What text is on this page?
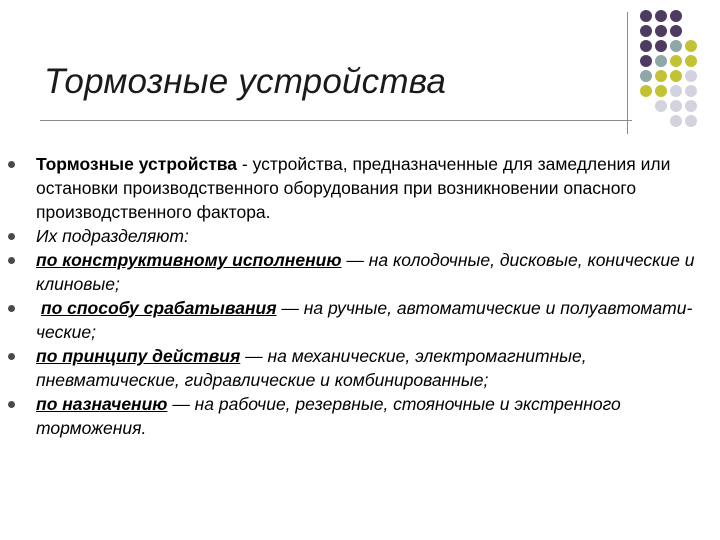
Тормозные устройства
Тормозные устройства - устройства, предназначенные для замедления или остановки производственного оборудования при возникновении опасного производственного фактора.
Их подразделяют:
по конструктивному исполнению — на колодочные, дисковые, конические и клиновые;
по способу срабатывания — на ручные, автоматические и полуавтомати-ческие;
по принципу действия — на механические, электромагнитные, пневматические, гидравлические и комбинированные;
по назначению — на рабочие, резервные, стояночные и экстренного торможения.
